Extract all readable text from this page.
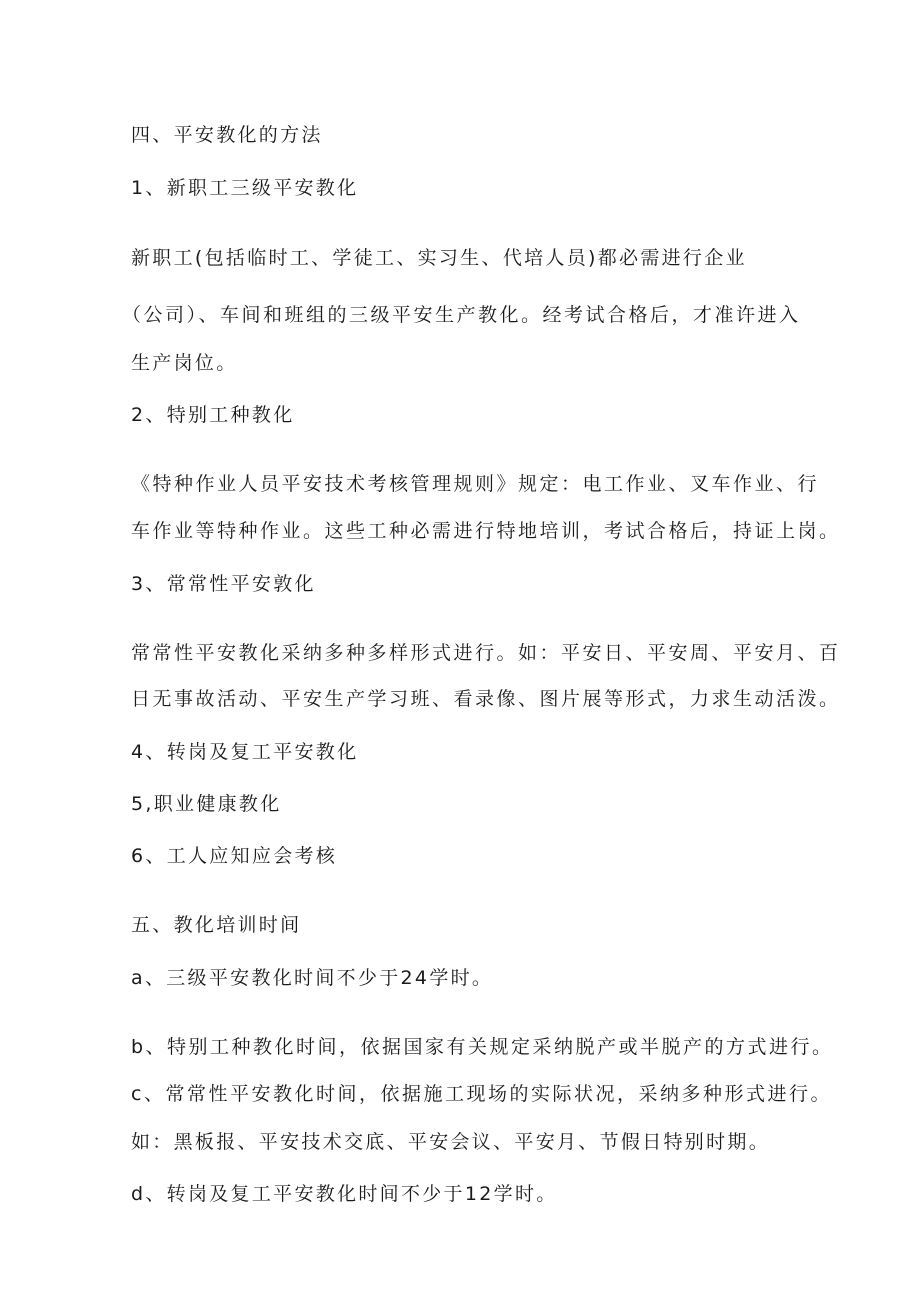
四、平安教化的方法

1、新职工三级平安教化

新职工(包括临时工、学徒工、实习生、代培人员)都必需进行企业

（公司）、车间和班组的三级平安生产教化。经考试合格后，才准许进入

生产岗位。

2、特别工种教化

《特种作业人员平安技术考核管理规则》规定：电工作业、叉车作业、行

车作业等特种作业。这些工种必需进行特地培训，考试合格后，持证上岗。

3、常常性平安敦化

常常性平安教化采纳多种多样形式进行。如：平安日、平安周、平安月、百

日无事故活动、平安生产学习班、看录像、图片展等形式，力求生动活泼。

4、转岗及复工平安教化

5,职业健康教化

6、工人应知应会考核

五、教化培训时间

a、三级平安教化时间不少于24学时。

b、特别工种教化时间，依据国家有关规定采纳脱产或半脱产的方式进行。

c、常常性平安教化时间，依据施工现场的实际状况，采纳多种形式进行。

如：黑板报、平安技术交底、平安会议、平安月、节假日特别时期。

d、转岗及复工平安教化时间不少于12学时。
